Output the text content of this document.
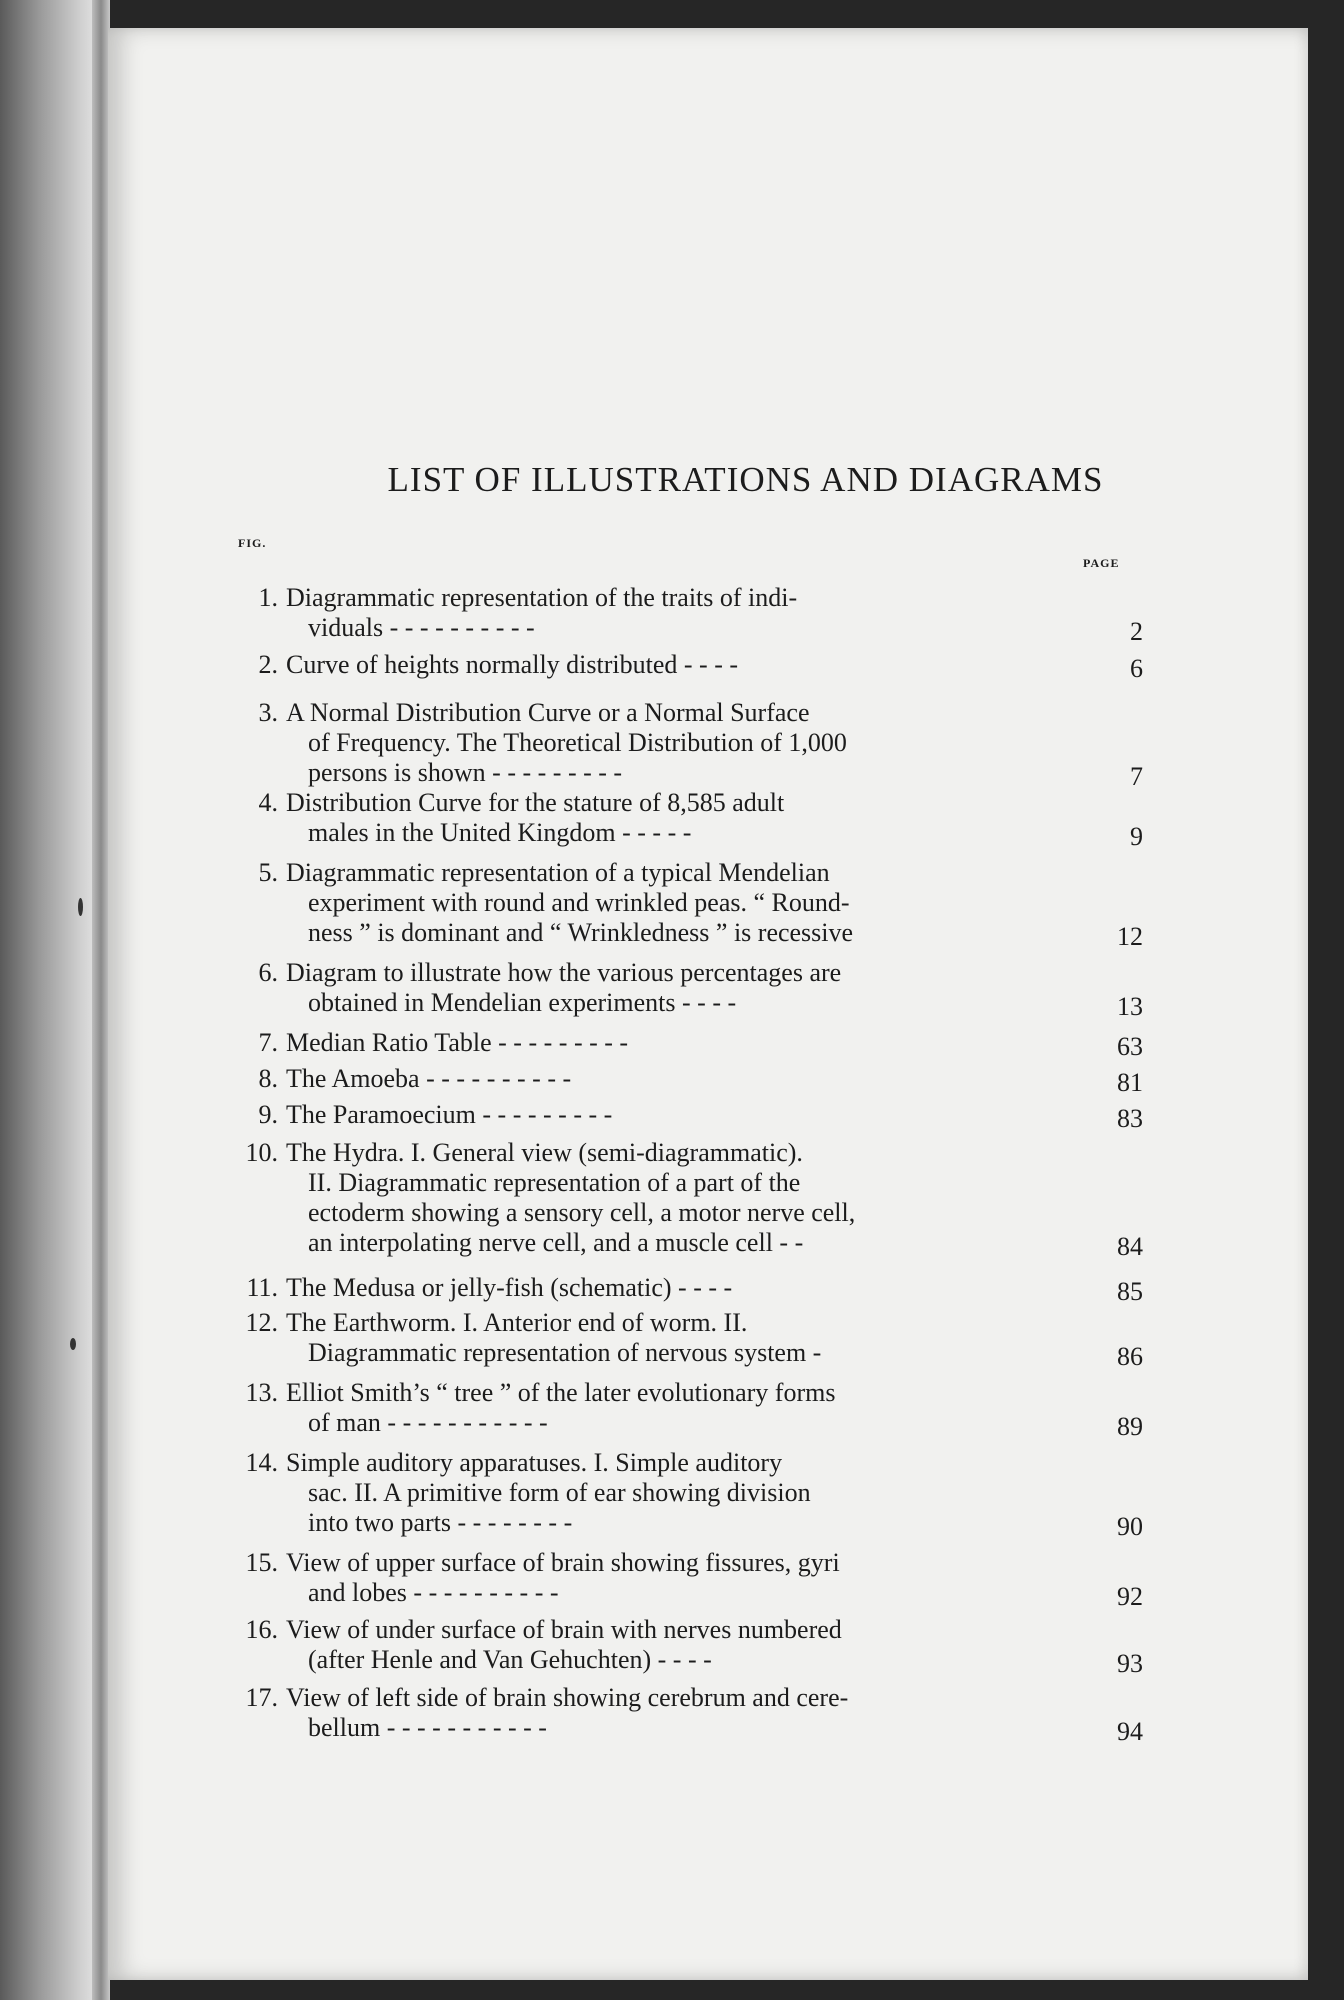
LIST OF ILLUSTRATIONS AND DIAGRAMS
FIG.
PAGE
1. Diagrammatic representation of the traits of indi-
viduals - - - - - - - - - -	2
2. Curve of heights normally distributed - - - -	6
3. A Normal Distribution Curve or a Normal Surface
of Frequency. The Theoretical Distribution of 1,000
persons is shown - - - - - - - - -	7
4. Distribution Curve for the stature of 8,585 adult
males in the United Kingdom - - - - -	9
5. Diagrammatic representation of a typical Mendelian
experiment with round and wrinkled peas. “ Round-
ness ” is dominant and “ Wrinkledness ” is recessive	12
6. Diagram to illustrate how the various percentages are
obtained in Mendelian experiments - - - -	13
7. Median Ratio Table - - - - - - - - -	63
8. The Amoeba - - - - - - - - - -	81
9. The Paramoecium - - - - - - - - -	83
10. The Hydra. I. General view (semi-diagrammatic).
II. Diagrammatic representation of a part of the
ectoderm showing a sensory cell, a motor nerve cell,
an interpolating nerve cell, and a muscle cell - -	84
11. The Medusa or jelly-fish (schematic) - - - -	85
12. The Earthworm. I. Anterior end of worm. II.
Diagrammatic representation of nervous system -	86
13. Elliot Smith’s “ tree ” of the later evolutionary forms
of man - - - - - - - - - - -	89
14. Simple auditory apparatuses. I. Simple auditory
sac. II. A primitive form of ear showing division
into two parts - - - - - - - -	90
15. View of upper surface of brain showing fissures, gyri
and lobes - - - - - - - - - -	92
16. View of under surface of brain with nerves numbered
(after Henle and Van Gehuchten) - - - -	93
17. View of left side of brain showing cerebrum and cere-
bellum - - - - - - - - - - -	94
